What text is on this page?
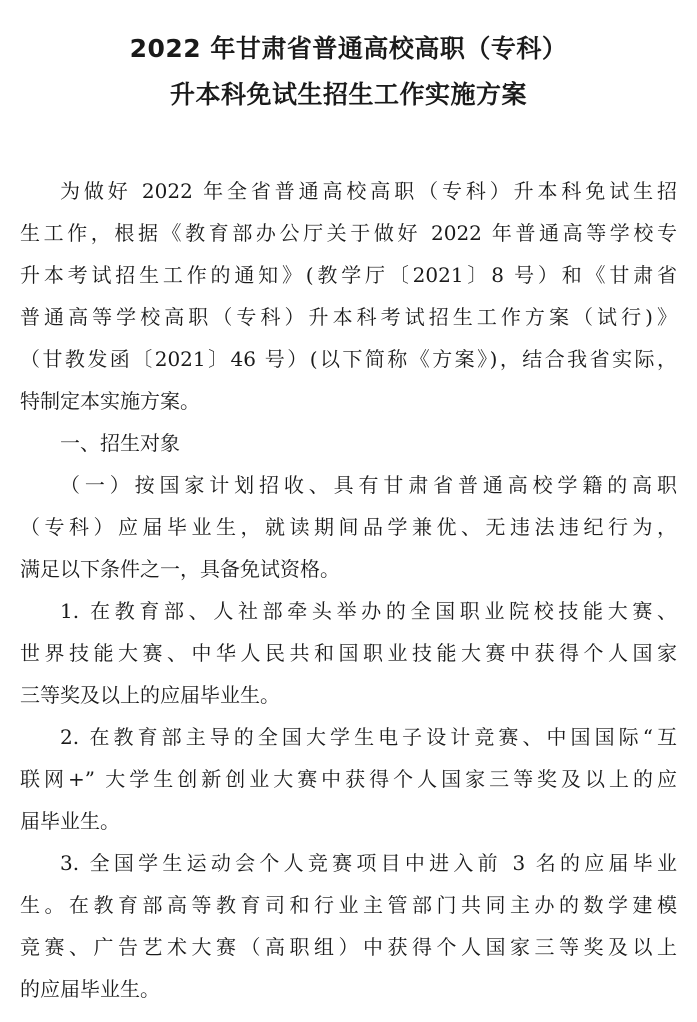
2022 年甘肃省普通高校高职（专科）
升本科免试生招生工作实施方案
为做好 2022 年全省普通高校高职（专科）升本科免试生招
生工作，根据《教育部办公厅关于做好 2022 年普通高等学校专
升本考试招生工作的通知》(教学厅〔2021〕8 号）和《甘肃省
普通高等学校高职（专科）升本科考试招生工作方案（试行)》
（甘教发函〔2021〕46 号）(以下简称《方案》)，结合我省实际，
特制定本实施方案。
一、招生对象
（一）按国家计划招收、具有甘肃省普通高校学籍的高职
（专科）应届毕业生，就读期间品学兼优、无违法违纪行为，
满足以下条件之一，具备免试资格。
1. 在教育部、人社部牵头举办的全国职业院校技能大赛、
世界技能大赛、中华人民共和国职业技能大赛中获得个人国家
三等奖及以上的应届毕业生。
2. 在教育部主导的全国大学生电子设计竞赛、中国国际“互
联网+” 大学生创新创业大赛中获得个人国家三等奖及以上的应
届毕业生。
3. 全国学生运动会个人竞赛项目中进入前 3 名的应届毕业
生。在教育部高等教育司和行业主管部门共同主办的数学建模
竞赛、广告艺术大赛（高职组）中获得个人国家三等奖及以上
的应届毕业生。
